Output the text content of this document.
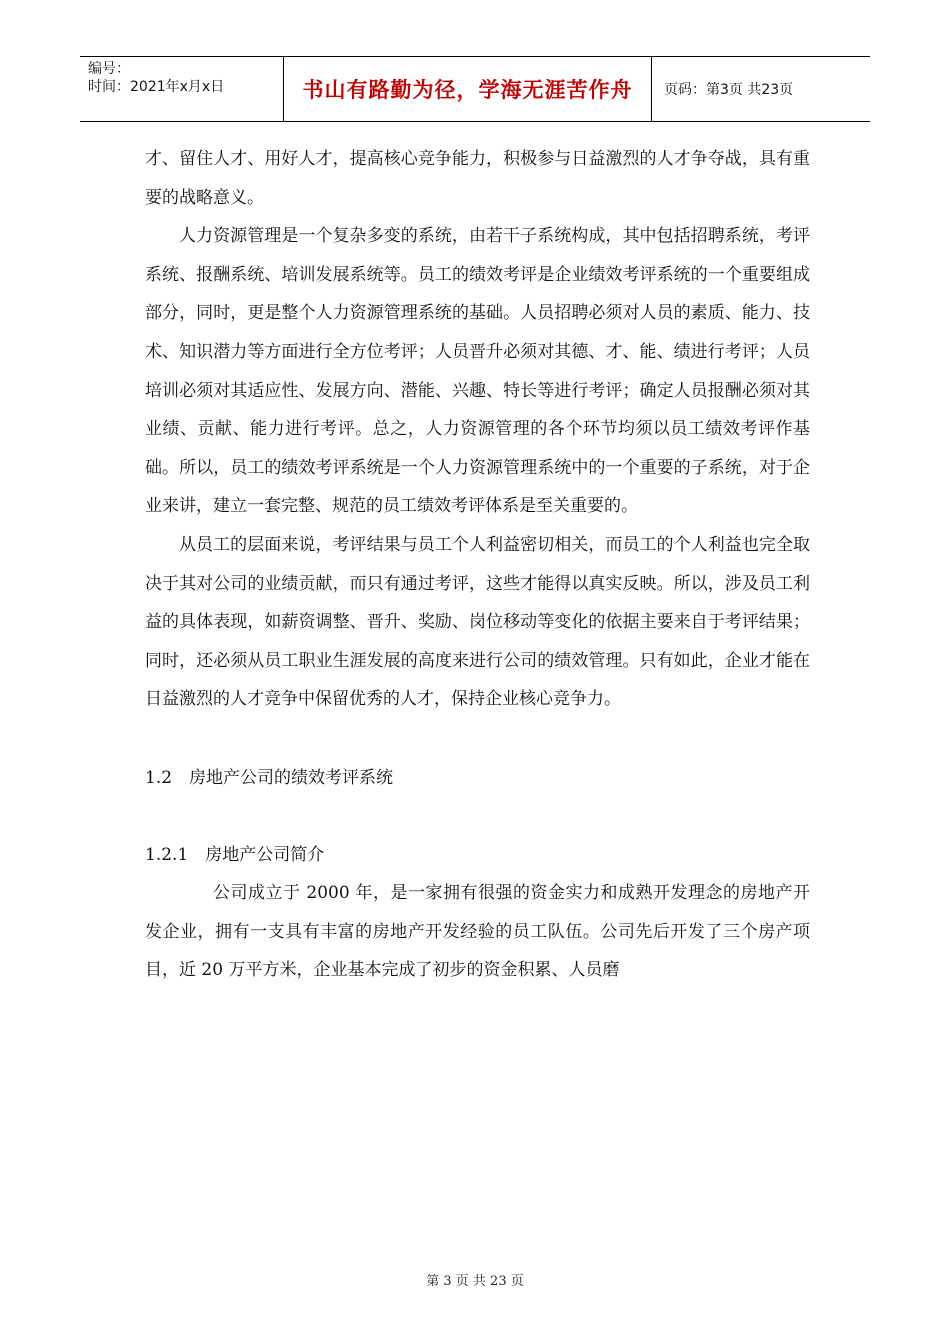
编号：
时间：2021年x月x日	书山有路勤为径，学海无涯苦作舟	页码：第3页 共23页

才、留住人才、用好人才，提高核心竞争能力，积极参与日益激烈的人才争夺战，具有重要的战略意义。

人力资源管理是一个复杂多变的系统，由若干子系统构成，其中包括招聘系统，考评系统、报酬系统、培训发展系统等。员工的绩效考评是企业绩效考评系统的一个重要组成部分，同时，更是整个人力资源管理系统的基础。人员招聘必须对人员的素质、能力、技术、知识潜力等方面进行全方位考评；人员晋升必须对其德、才、能、绩进行考评；人员培训必须对其适应性、发展方向、潜能、兴趣、特长等进行考评；确定人员报酬必须对其业绩、贡献、能力进行考评。总之，人力资源管理的各个环节均须以员工绩效考评作基础。所以，员工的绩效考评系统是一个人力资源管理系统中的一个重要的子系统，对于企业来讲，建立一套完整、规范的员工绩效考评体系是至关重要的。

从员工的层面来说，考评结果与员工个人利益密切相关，而员工的个人利益也完全取决于其对公司的业绩贡献，而只有通过考评，这些才能得以真实反映。所以，涉及员工利益的具体表现，如薪资调整、晋升、奖励、岗位移动等变化的依据主要来自于考评结果；同时，还必须从员工职业生涯发展的高度来进行公司的绩效管理。只有如此，企业才能在日益激烈的人才竞争中保留优秀的人才，保持企业核心竞争力。

1.2　房地产公司的绩效考评系统

1.2.1　房地产公司简介

公司成立于 2000 年，是一家拥有很强的资金实力和成熟开发理念的房地产开发企业，拥有一支具有丰富的房地产开发经验的员工队伍。公司先后开发了三个房产项目，近 20 万平方米，企业基本完成了初步的资金积累、人员磨

第 3 页 共 23 页
